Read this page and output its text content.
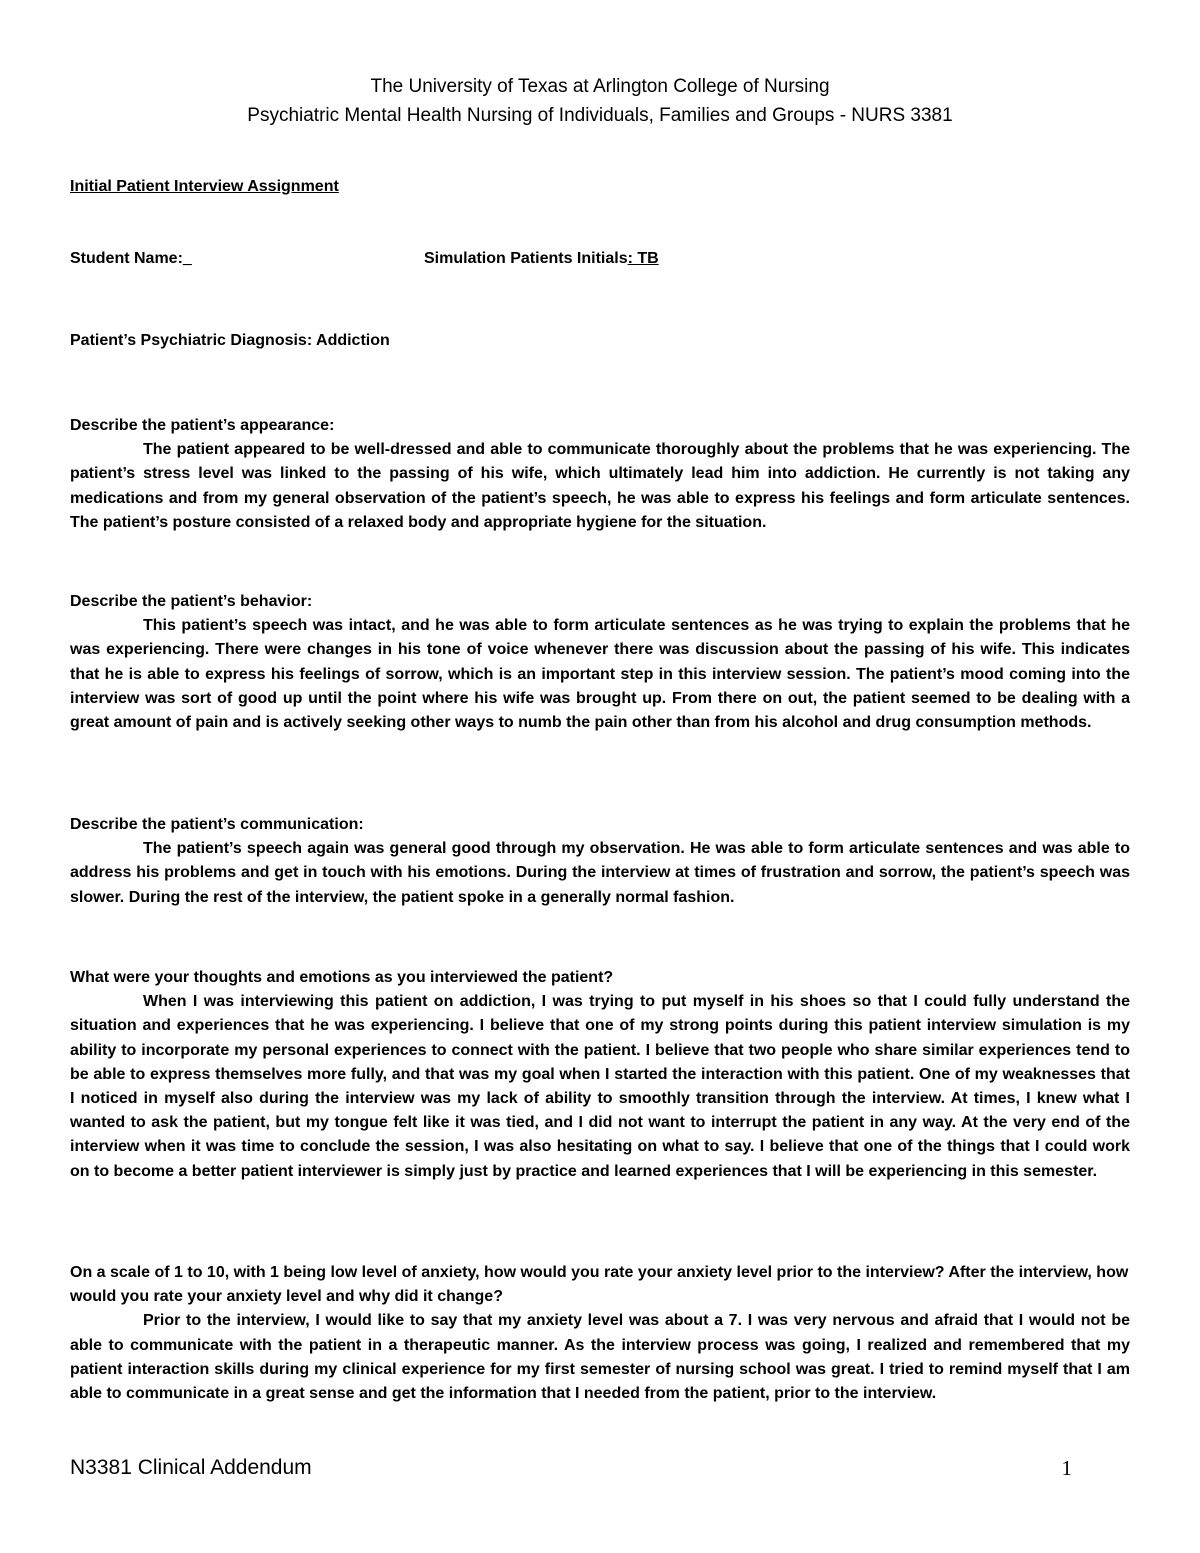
The University of Texas at Arlington College of Nursing
Psychiatric Mental Health Nursing of Individuals, Families and Groups - NURS 3381
Initial Patient Interview Assignment
Student Name:_	Simulation Patients Initials: TB
Patient’s Psychiatric Diagnosis: Addiction
Describe the patient’s appearance:

The patient appeared to be well-dressed and able to communicate thoroughly about the problems that he was experiencing. The patient’s stress level was linked to the passing of his wife, which ultimately lead him into addiction. He currently is not taking any medications and from my general observation of the patient’s speech, he was able to express his feelings and form articulate sentences. The patient’s posture consisted of a relaxed body and appropriate hygiene for the situation.

Describe the patient’s behavior:

This patient’s speech was intact, and he was able to form articulate sentences as he was trying to explain the problems that he was experiencing. There were changes in his tone of voice whenever there was discussion about the passing of his wife. This indicates that he is able to express his feelings of sorrow, which is an important step in this interview session. The patient’s mood coming into the interview was sort of good up until the point where his wife was brought up. From there on out, the patient seemed to be dealing with a great amount of pain and is actively seeking other ways to numb the pain other than from his alcohol and drug consumption methods.

Describe the patient’s communication:

The patient’s speech again was general good through my observation. He was able to form articulate sentences and was able to address his problems and get in touch with his emotions. During the interview at times of frustration and sorrow, the patient’s speech was slower. During the rest of the interview, the patient spoke in a generally normal fashion.

What were your thoughts and emotions as you interviewed the patient?

When I was interviewing this patient on addiction, I was trying to put myself in his shoes so that I could fully understand the situation and experiences that he was experiencing. I believe that one of my strong points during this patient interview simulation is my ability to incorporate my personal experiences to connect with the patient. I believe that two people who share similar experiences tend to be able to express themselves more fully, and that was my goal when I started the interaction with this patient. One of my weaknesses that I noticed in myself also during the interview was my lack of ability to smoothly transition through the interview. At times, I knew what I wanted to ask the patient, but my tongue felt like it was tied, and I did not want to interrupt the patient in any way. At the very end of the interview when it was time to conclude the session, I was also hesitating on what to say. I believe that one of the things that I could work on to become a better patient interviewer is simply just by practice and learned experiences that I will be experiencing in this semester.

On a scale of 1 to 10, with 1 being low level of anxiety, how would you rate your anxiety level prior to the interview? After the interview, how would you rate your anxiety level and why did it change?

Prior to the interview, I would like to say that my anxiety level was about a 7. I was very nervous and afraid that I would not be able to communicate with the patient in a therapeutic manner. As the interview process was going, I realized and remembered that my patient interaction skills during my clinical experience for my first semester of nursing school was great. I tried to remind myself that I am able to communicate in a great sense and get the information that I needed from the patient, prior to the interview.

N3381 Clinical Addendum	1
